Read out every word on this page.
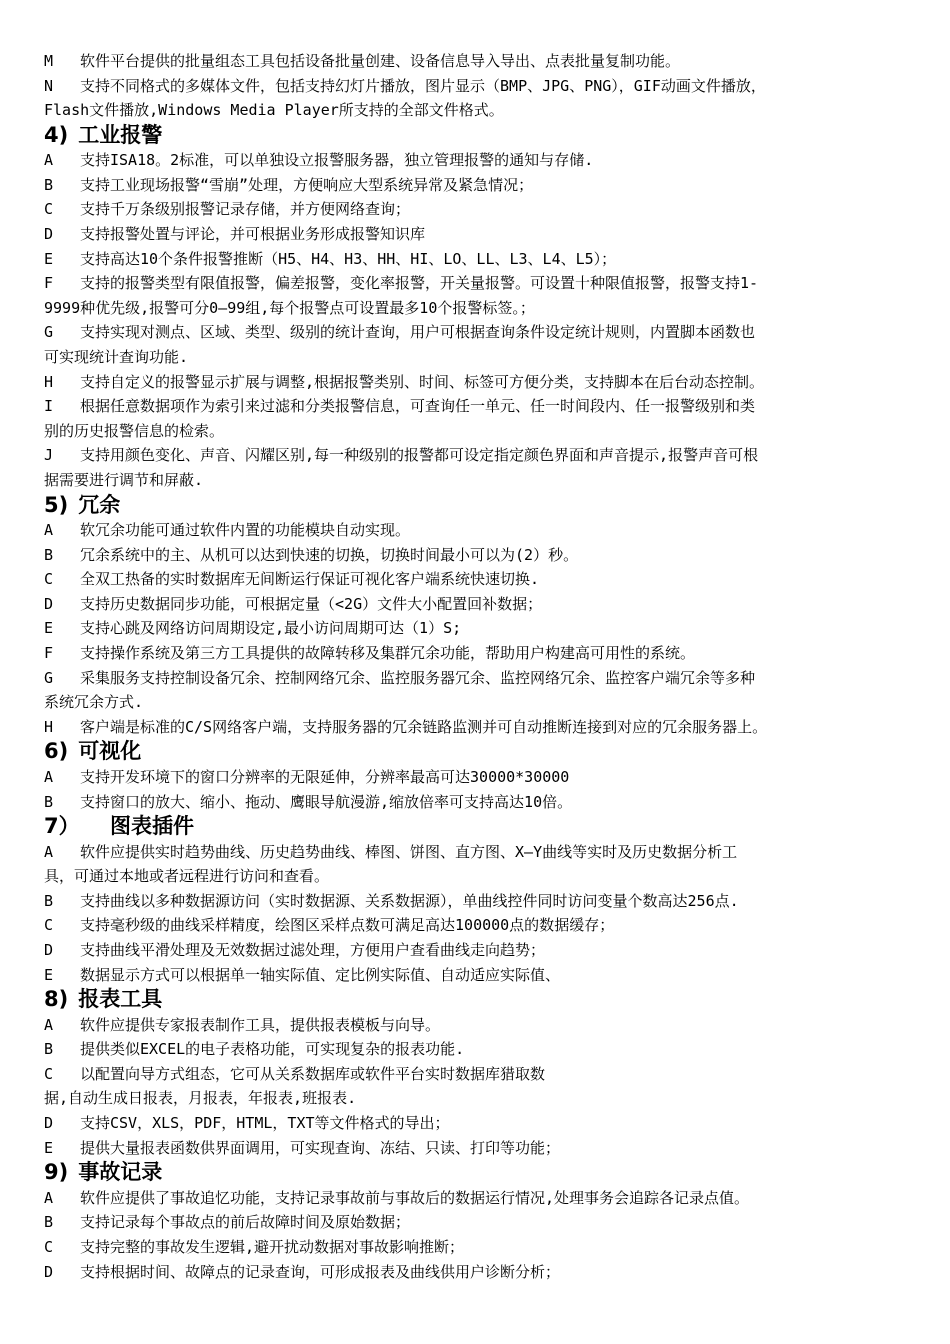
M	软件平台提供的批量组态工具包括设备批量创建、设备信息导入导出、点表批量复制功能。
N	支持不同格式的多媒体文件，包括支持幻灯片播放，图片显示（BMP、JPG、PNG），GIF动画文件播放，
Flash文件播放,Windows Media Player所支持的全部文件格式。
4) 工业报警
A	支持ISA18。2标准，可以单独设立报警服务器，独立管理报警的通知与存储.
B	支持工业现场报警“雪崩”处理，方便响应大型系统异常及紧急情况；
C	支持千万条级别报警记录存储，并方便网络查询；
D	支持报警处置与评论，并可根据业务形成报警知识库
E	支持高达10个条件报警推断（H5、H4、H3、HH、HI、LO、LL、L3、L4、L5）；
F	支持的报警类型有限值报警，偏差报警，变化率报警，开关量报警。可设置十种限值报警，报警支持1-
9999种优先级,报警可分0—99组,每个报警点可设置最多10个报警标签。；
G	支持实现对测点、区域、类型、级别的统计查询，用户可根据查询条件设定统计规则，内置脚本函数也
可实现统计查询功能.
H	支持自定义的报警显示扩展与调整,根据报警类别、时间、标签可方便分类，支持脚本在后台动态控制。
I	根据任意数据项作为索引来过滤和分类报警信息，可查询任一单元、任一时间段内、任一报警级别和类
别的历史报警信息的检索。
J	支持用颜色变化、声音、闪耀区别,每一种级别的报警都可设定指定颜色界面和声音提示,报警声音可根
据需要进行调节和屏蔽.
5) 冗余
A	软冗余功能可通过软件内置的功能模块自动实现。
B	冗余系统中的主、从机可以达到快速的切换，切换时间最小可以为(2）秒。
C	全双工热备的实时数据库无间断运行保证可视化客户端系统快速切换.
D	支持历史数据同步功能，可根据定量（<2G）文件大小配置回补数据；
E	支持心跳及网络访问周期设定,最小访问周期可达（1）S;
F	支持操作系统及第三方工具提供的故障转移及集群冗余功能，帮助用户构建高可用性的系统。
G	采集服务支持控制设备冗余、控制网络冗余、监控服务器冗余、监控网络冗余、监控客户端冗余等多种
系统冗余方式.
H	客户端是标准的C/S网络客户端，支持服务器的冗余链路监测并可自动推断连接到对应的冗余服务器上。
6) 可视化
A	支持开发环境下的窗口分辨率的无限延伸，分辨率最高可达30000*30000
B	支持窗口的放大、缩小、拖动、鹰眼导航漫游,缩放倍率可支持高达10倍。
7） 图表插件
A	软件应提供实时趋势曲线、历史趋势曲线、棒图、饼图、直方图、X—Y曲线等实时及历史数据分析工
具，可通过本地或者远程进行访问和查看。
B	支持曲线以多种数据源访问（实时数据源、关系数据源），单曲线控件同时访问变量个数高达256点.
C	支持毫秒级的曲线采样精度，绘图区采样点数可满足高达100000点的数据缓存；
D	支持曲线平滑处理及无效数据过滤处理，方便用户查看曲线走向趋势；
E	数据显示方式可以根据单一轴实际值、定比例实际值、自动适应实际值、
8) 报表工具
A	软件应提供专家报表制作工具，提供报表模板与向导。
B	提供类似EXCEL的电子表格功能，可实现复杂的报表功能.
C	以配置向导方式组态，它可从关系数据库或软件平台实时数据库猎取数
据,自动生成日报表，月报表，年报表,班报表.
D	支持CSV，XLS，PDF，HTML，TXT等文件格式的导出；
E	提供大量报表函数供界面调用，可实现查询、冻结、只读、打印等功能；
9) 事故记录
A	软件应提供了事故追忆功能，支持记录事故前与事故后的数据运行情况,处理事务会追踪各记录点值。
B	支持记录每个事故点的前后故障时间及原始数据；
C	支持完整的事故发生逻辑,避开扰动数据对事故影响推断；
D	支持根据时间、故障点的记录查询，可形成报表及曲线供用户诊断分析；
